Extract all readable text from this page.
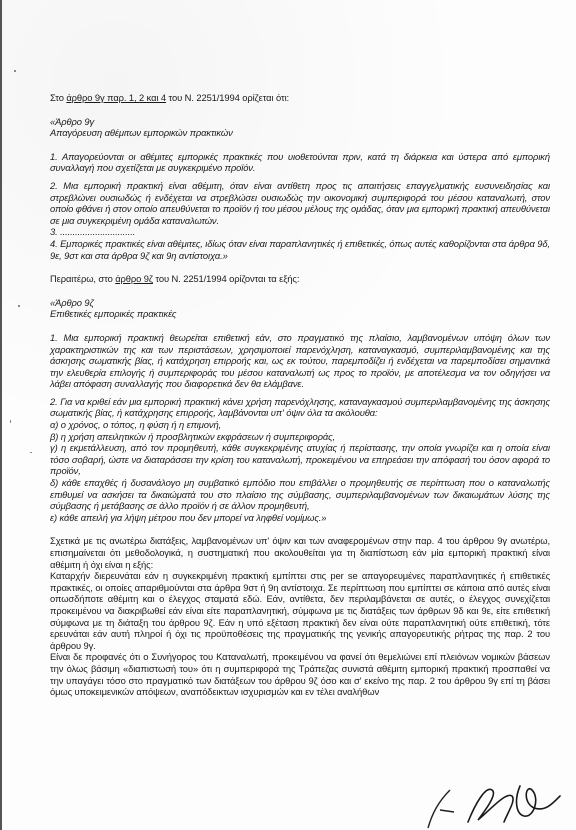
Στο άρθρο 9γ παρ. 1, 2 και 4 του Ν. 2251/1994 ορίζεται ότι:

«Άρθρο 9γ

Απαγόρευση αθέμιτων εμπορικών πρακτικών

1. Απαγορεύονται οι αθέμιτες εμπορικές πρακτικές που υιοθετούνται πριν, κατά τη διάρκεια και ύστερα από εμπορική συναλλαγή που σχετίζεται με συγκεκριμένο προϊόν.

2. Μια εμπορική πρακτική είναι αθέμιτη, όταν είναι αντίθετη προς τις απαιτήσεις επαγγελματικής ευσυνειδησίας και στρεβλώνει ουσιωδώς ή ενδέχεται να στρεβλώσει ουσιωδώς την οικονομική συμπεριφορά του μέσου καταναλωτή, στον οποίο φθάνει ή στον οποίο απευθύνεται το προϊόν ή του μέσου μέλους της ομάδας, όταν μια εμπορική πρακτική απευθύνεται σε μια συγκεκριμένη ομάδα καταναλωτών.

3. ..............................

4. Εμπορικές πρακτικές είναι αθέμιτες, ιδίως όταν είναι παραπλανητικές ή επιθετικές, όπως αυτές καθορίζονται στα άρθρα 9δ, 9ε, 9στ και στα άρθρα 9ζ και 9η αντίστοιχα.»

Περαιτέρω, στο άρθρο 9ζ του Ν. 2251/1994 ορίζονται τα εξής:

«Άρθρο 9ζ

Επιθετικές εμπορικές πρακτικές

1. Μια εμπορική πρακτική θεωρείται επιθετική εάν, στο πραγματικό της πλαίσιο, λαμβανομένων υπόψη όλων των χαρακτηριστικών της και των περιστάσεων, χρησιμοποιεί παρενόχληση, καταναγκασμό, συμπεριλαμβανομένης και της άσκησης σωματικής βίας, ή κατάχρηση επιρροής και, ως εκ τούτου, παρεμποδίζει ή ενδέχεται να παρεμποδίσει σημαντικά την ελευθερία επιλογής ή συμπεριφοράς του μέσου καταναλωτή ως προς το προϊόν, με αποτέλεσμα να τον οδηγήσει να λάβει απόφαση συναλλαγής που διαφορετικά δεν θα ελάμβανε.

2. Για να κριθεί εάν μια εμπορική πρακτική κάνει χρήση παρενόχλησης, καταναγκασμού συμπεριλαμβανομένης της άσκησης σωματικής βίας, ή κατάχρησης επιρροής, λαμβάνονται υπ' όψιν όλα τα ακόλουθα:

α) ο χρόνος, ο τόπος, η φύση ή η επιμονή,
β) η χρήση απειλητικών ή προσβλητικών εκφράσεων ή συμπεριφοράς,
γ) η εκμετάλλευση, από τον προμηθευτή, κάθε συγκεκριμένης ατυχίας ή περίστασης, την οποία γνωρίζει και η οποία είναι τόσο σοβαρή, ώστε να διαταράσσει την κρίση του καταναλωτή, προκειμένου να επηρεάσει την απόφασή του όσον αφορά το προϊόν,
δ) κάθε επαχθές ή δυσανάλογο μη συμβατικό εμπόδιο που επιβάλλει ο προμηθευτής σε περίπτωση που ο καταναλωτής επιθυμεί να ασκήσει τα δικαιώματά του στο πλαίσιο της σύμβασης, συμπεριλαμβανομένων των δικαιωμάτων λύσης της σύμβασης ή μετάβασης σε άλλο προϊόν ή σε άλλον προμηθευτή,
ε) κάθε απειλή για λήψη μέτρου που δεν μπορεί να ληφθεί νομίμως.»

Σχετικά με τις ανωτέρω διατάξεις, λαμβανομένων υπ' όψιν και των αναφερομένων στην παρ. 4 του άρθρου 9γ ανωτέρω, επισημαίνεται ότι μεθοδολογικά, η συστηματική που ακολουθείται για τη διαπίστωση εάν μία εμπορική πρακτική είναι αθέμιτη ή όχι είναι η εξής:

Καταρχήν διερευνάται εάν η συγκεκριμένη πρακτική εμπίπτει στις per se απαγορευμένες παραπλανητικές ή επιθετικές πρακτικές, οι οποίες απαριθμούνται στα άρθρα 9στ ή 9η αντίστοιχα. Σε περίπτωση που εμπίπτει σε κάποια από αυτές είναι οπωσδήποτε αθέμιτη και ο έλεγχος σταματά εδώ. Εάν, αντίθετα, δεν περιλαμβάνεται σε αυτές, ο έλεγχος συνεχίζεται προκειμένου να διακριβωθεί εάν είναι είτε παραπλανητική, σύμφωνα με τις διατάξεις των άρθρων 9δ και 9ε, είτε επιθετική σύμφωνα με τη διάταξη του άρθρου 9ζ. Εάν η υπό εξέταση πρακτική δεν είναι ούτε παραπλανητική ούτε επιθετική, τότε ερευνάται εάν αυτή πληροί ή όχι τις προϋποθέσεις της πραγματικής της γενικής απαγορευτικής ρήτρας της παρ. 2 του άρθρου 9γ.

Είναι δε προφανές ότι ο Συνήγορος του Καταναλωτή, προκειμένου να φανεί ότι θεμελιώνει επί πλειόνων νομικών βάσεων την όλως βάσιμη «διαπιστωσή του» ότι η συμπεριφορά της Τράπεζας συνιστά αθέμιτη εμπορική πρακτική προσπαθεί να την υπαγάγει τόσο στο πραγματικό των διατάξεων του άρθρου 9ζ όσο και σ' εκείνο της παρ. 2 του άρθρου 9γ επί τη βάσει όμως υποκειμενικών απόψεων, αναπόδεικτων ισχυρισμών και εν τέλει αναλήθων
